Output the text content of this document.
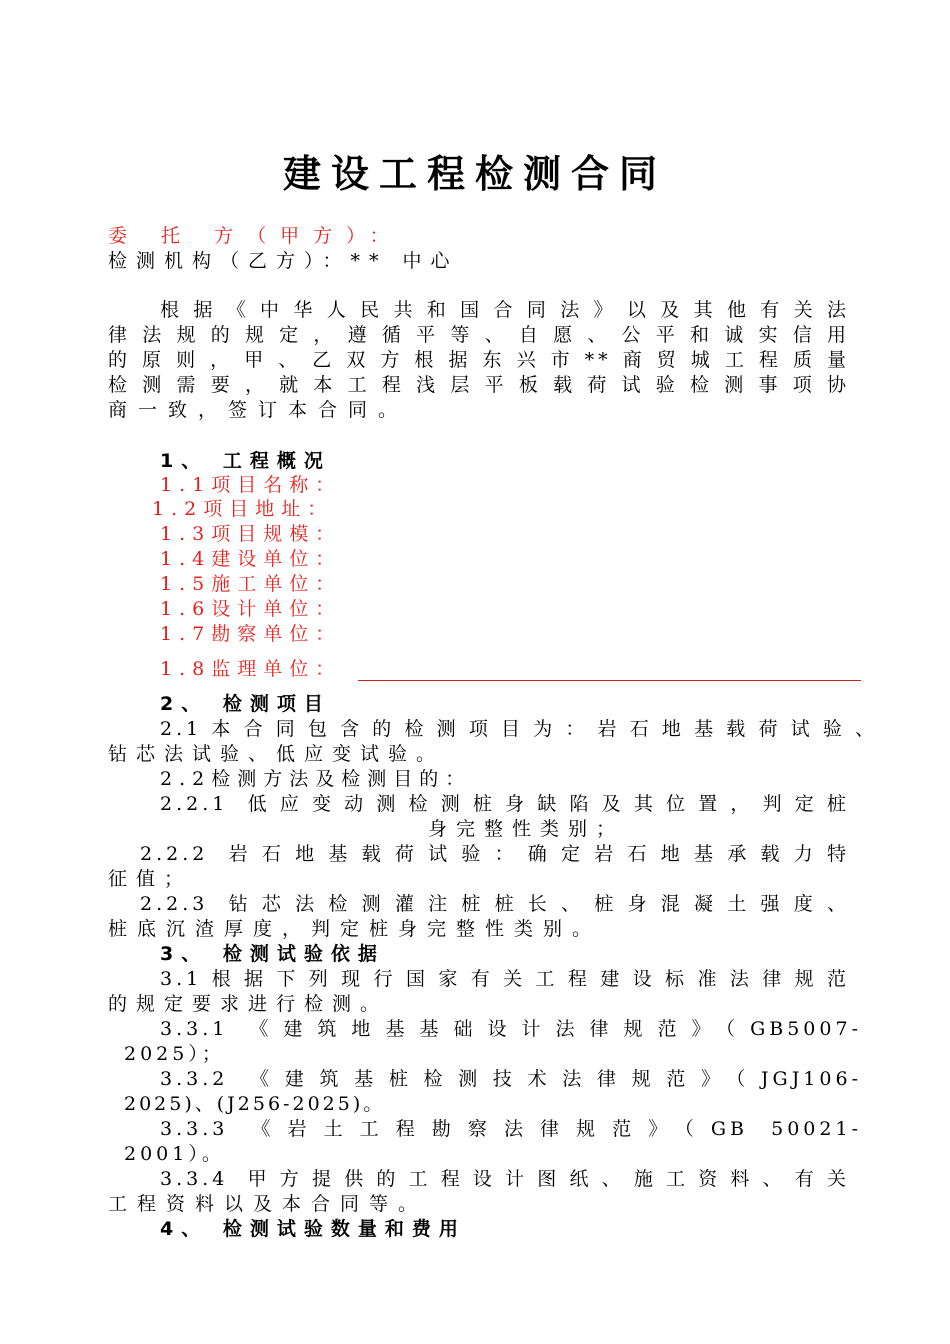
建设工程检测合同
委 托 方（甲方）：
检测机构（乙方）：** 中心
根据《中华人民共和国合同法》以及其他有关法
律法规的规定，遵循平等、自愿、公平和诚实信用
的原则，甲、乙双方根据东兴市**商贸城工程质量
检测需要，就本工程浅层平板载荷试验检测事项协
商一致，签订本合同。
1、 工程概况
1.1项目名称：
1.2项目地址：
1.3项目规模：
1.4建设单位：
1.5施工单位：
1.6设计单位：
1.7勘察单位：
1.8监理单位：
2、 检测项目
2.1本合同包含的检测项目为：岩石地基载荷试验、
钻芯法试验、低应变试验。
2.2检测方法及检测目的：
2.2.1 低应变动测检测桩身缺陷及其位置，判定桩
身完整性类别；
2.2.2 岩石地基载荷试验：确定岩石地基承载力特
征值；
2.2.3 钻芯法检测灌注桩桩长、桩身混凝土强度、
桩底沉渣厚度，判定桩身完整性类别。
3、 检测试验依据
3.1根据下列现行国家有关工程建设标准法律规范
的规定要求进行检测。
3.3.1 《建筑地基基础设计法律规范》（GB5007-
2025）；
3.3.2 《建筑基桩检测技术法律规范》（JGJ106-
2025)、(J256-2025)。
3.3.3 《岩土工程勘察法律规范》（GB 50021-
2001）。
3.3.4 甲方提供的工程设计图纸、施工资料、有关
工程资料以及本合同等。
4、 检测试验数量和费用
